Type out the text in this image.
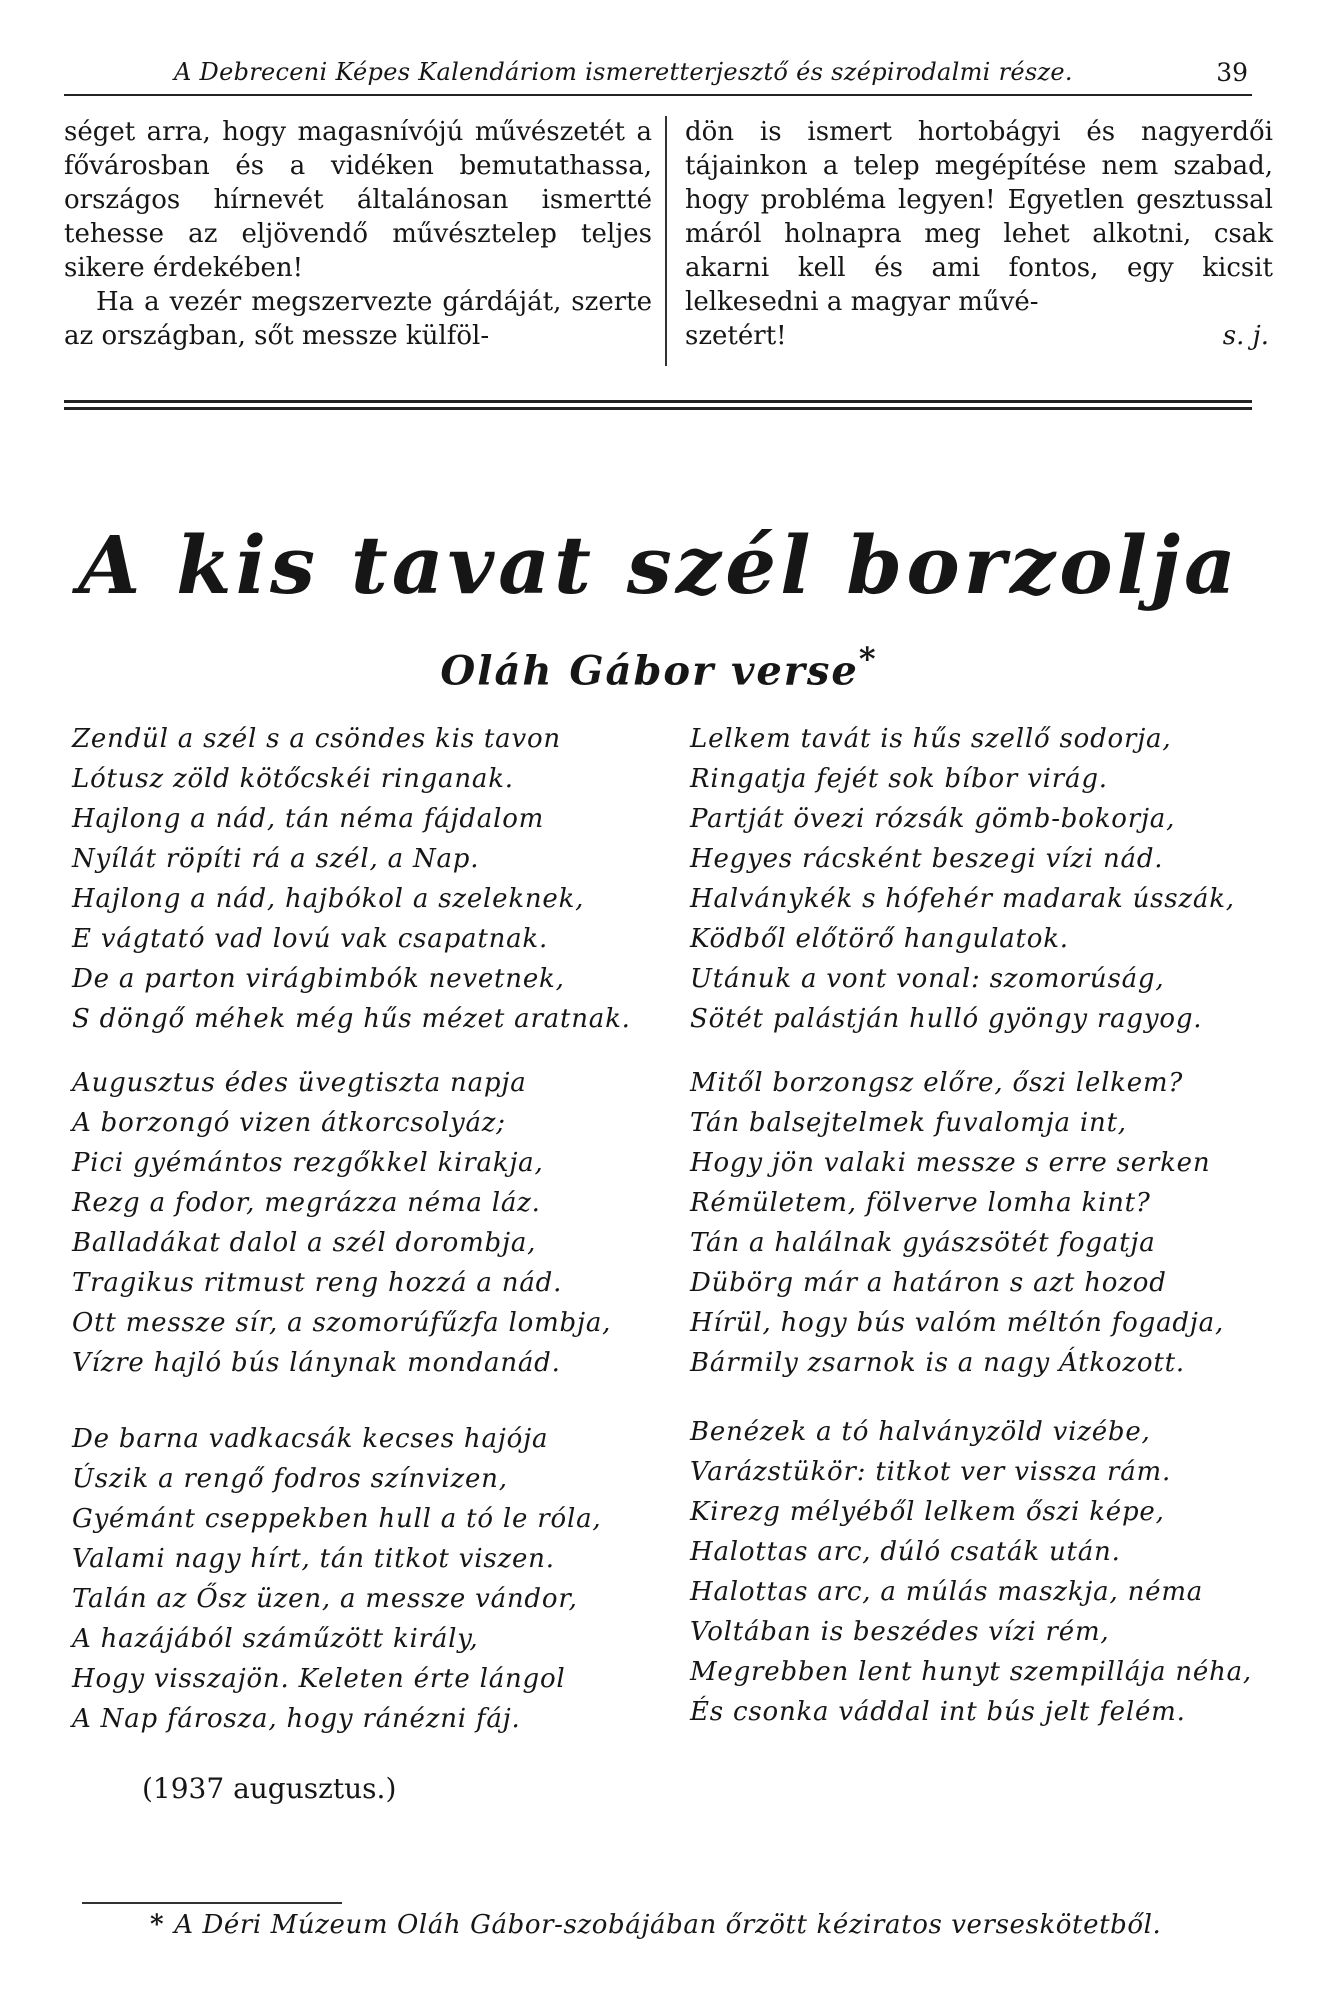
A Debreceni Képes Kalendáriom ismeretterjesztő és szépirodalmi része.	39

séget arra, hogy magasnívójú művészetét a fővárosban és a vidéken bemutathassa, országos hírnevét általánosan ismertté tehesse az eljövendő művésztelep teljes sikere érdekében!

Ha a vezér megszervezte gárdáját, szerte az országban, sőt messze külföl-

dön is ismert hortobágyi és nagyerdői tájainkon a telep megépítése nem szabad, hogy probléma legyen! Egyetlen gesztussal máról holnapra meg lehet alkotni, csak akarni kell és ami fontos, egy kicsit lelkesedni a magyar művé-

szetért!	s. j.
A kis tavat szél borzolja
Oláh Gábor verse*
Zendül a szél s a csöndes kis tavon
Lótusz zöld kötőcskéi ringanak.
Hajlong a nád, tán néma fájdalom
Nyílát röpíti rá a szél, a Nap.
Hajlong a nád, hajbókol a szeleknek,
E vágtató vad lovú vak csapatnak.
De a parton virágbimbók nevetnek,
S döngő méhek még hűs mézet aratnak.
Lelkem tavát is hűs szellő sodorja,
Ringatja fejét sok bíbor virág.
Partját övezi rózsák gömb-bokorja,
Hegyes rácsként beszegi vízi nád.
Halványkék s hófehér madarak ússzák,
Ködből előtörő hangulatok.
Utánuk a vont vonal: szomorúság,
Sötét palástján hulló gyöngy ragyog.
Augusztus édes üvegtiszta napja
A borzongó vizen átkorcsolyáz;
Pici gyémántos rezgőkkel kirakja,
Rezg a fodor, megrázza néma láz.
Balladákat dalol a szél dorombja,
Tragikus ritmust reng hozzá a nád.
Ott messze sír, a szomorúfűzfa lombja,
Vízre hajló bús lánynak mondanád.
Mitől borzongsz előre, őszi lelkem?
Tán balsejtelmek fuvalomja int,
Hogy jön valaki messze s erre serken
Rémületem, fölverve lomha kint?
Tán a halálnak gyászsötét fogatja
Dübörg már a határon s azt hozod
Hírül, hogy bús valóm méltón fogadja,
Bármily zsarnok is a nagy Átkozott.
De barna vadkacsák kecses hajója
Úszik a rengő fodros színvizen,
Gyémánt cseppekben hull a tó le róla,
Valami nagy hírt, tán titkot viszen.
Talán az Ősz üzen, a messze vándor,
A hazájából száműzött király,
Hogy visszajön. Keleten érte lángol
A Nap fárosza, hogy ránézni fáj.
Benézek a tó halványzöld vizébe,
Varázstükör: titkot ver vissza rám.
Kirezg mélyéből lelkem őszi képe,
Halottas arc, dúló csaták után.
Halottas arc, a múlás maszkja, néma
Voltában is beszédes vízi rém,
Megrebben lent hunyt szempillája néha,
És csonka váddal int bús jelt felém.
(1937 augusztus.)
* A Déri Múzeum Oláh Gábor-szobájában őrzött kéziratos verseskötetből.
